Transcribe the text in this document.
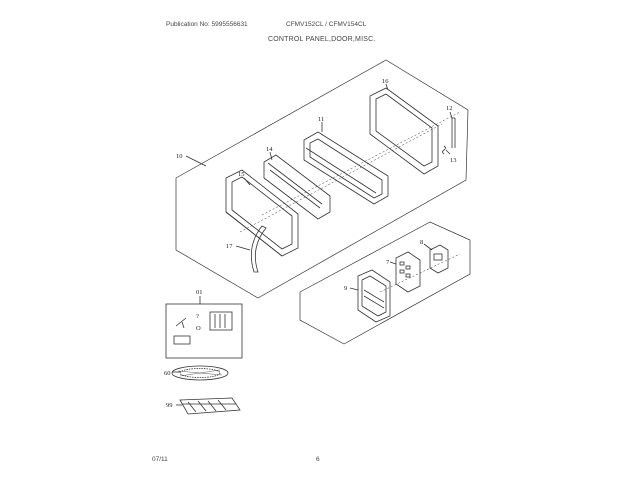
Publication No: 5995556631	CFMV152CL / CFMV154CL
CONTROL PANEL,DOOR,MISC.
?
O
10
11
12
13
14
15
16
17
7
8
9
01
60
99
07/11	6
